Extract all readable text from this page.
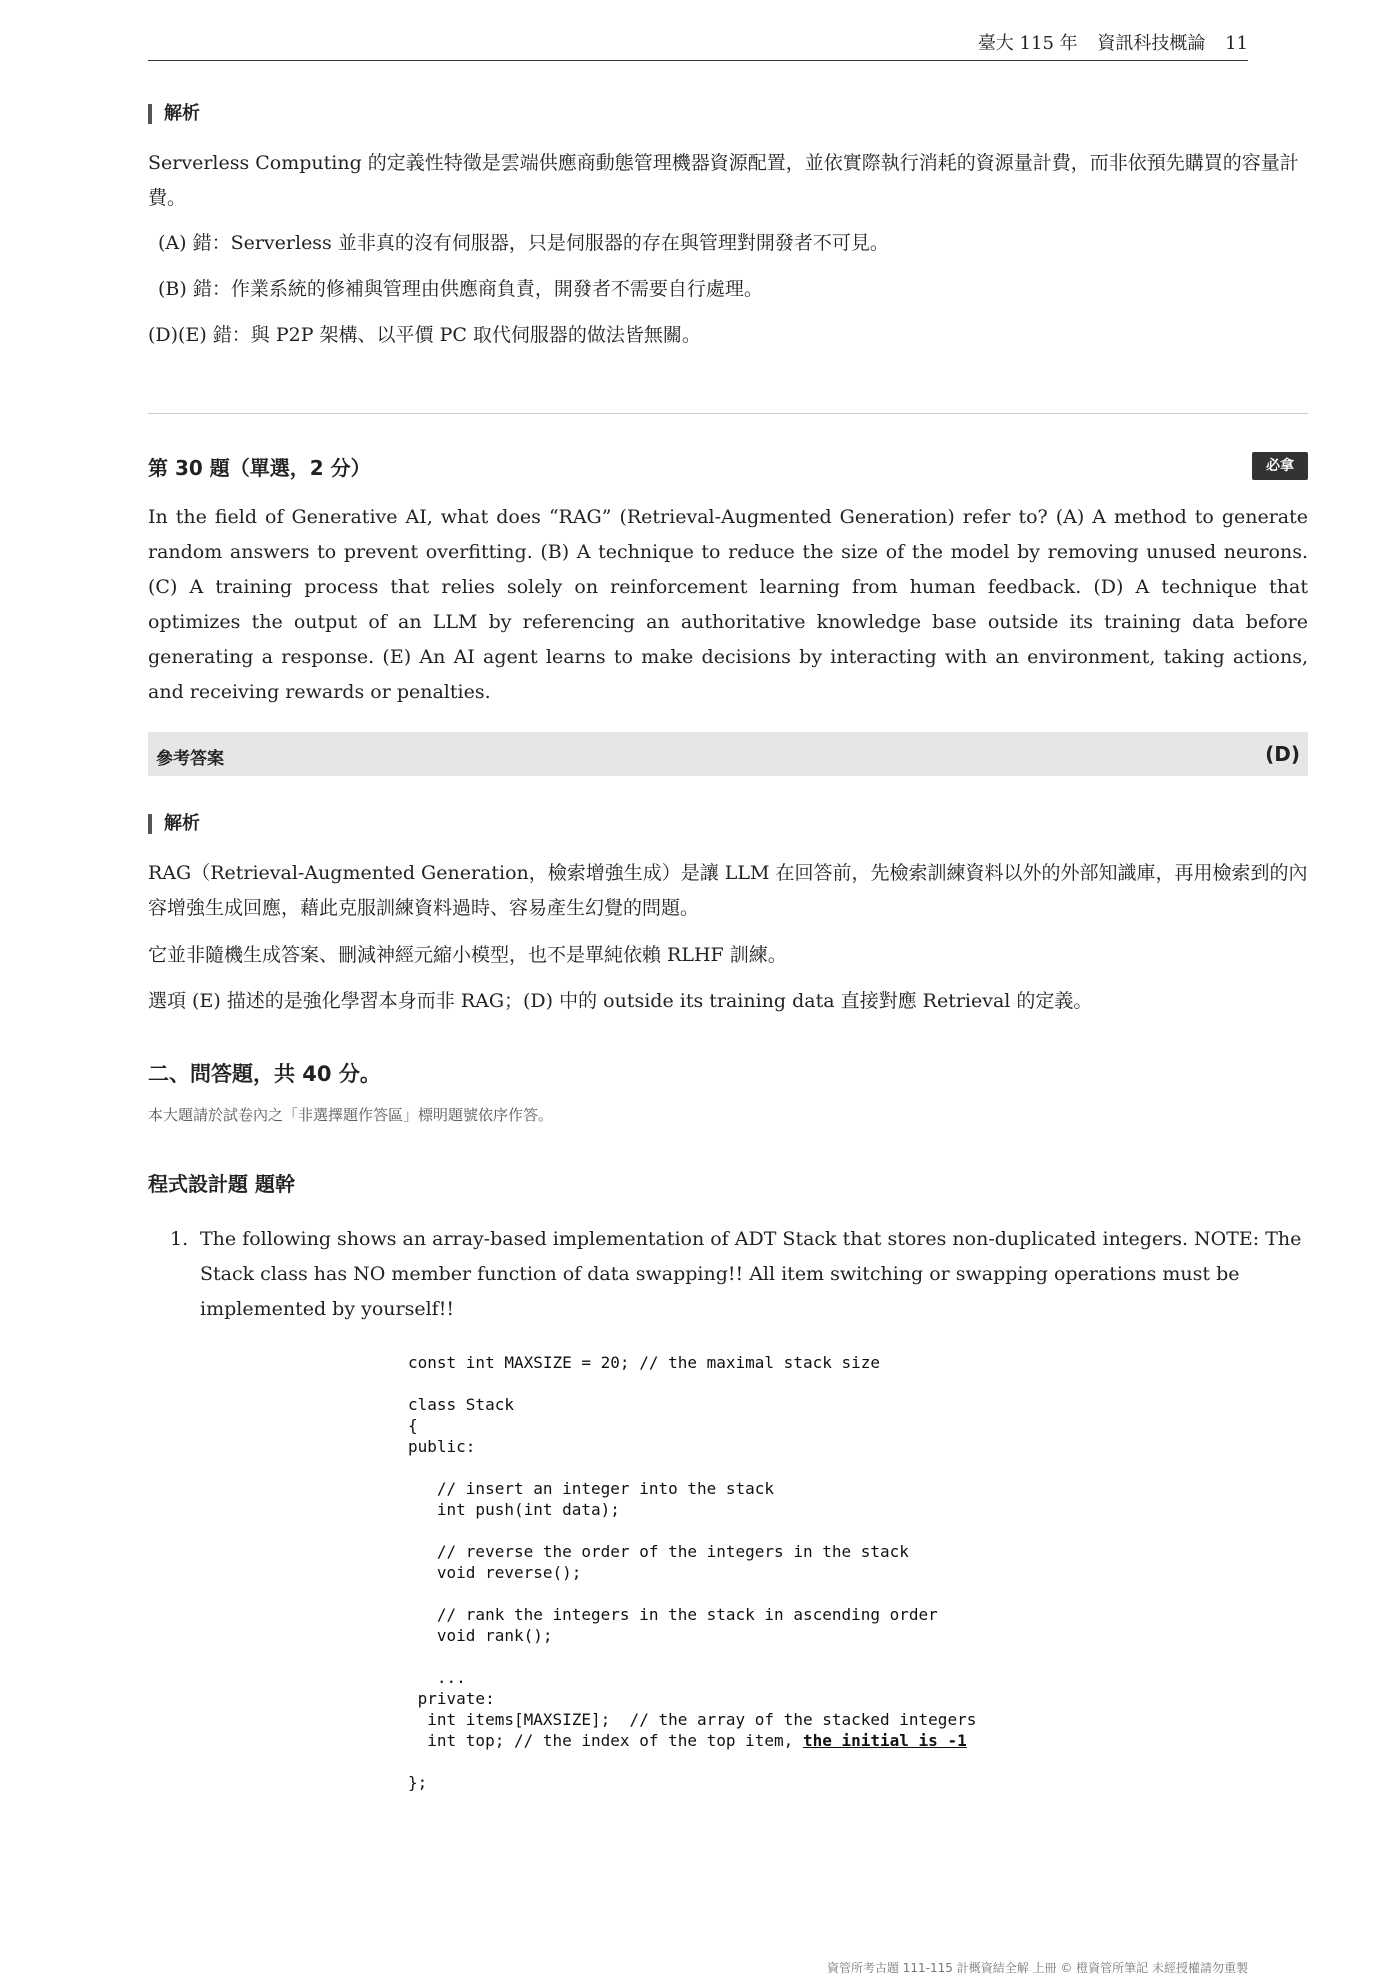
臺大 115 年 資訊科技概論 11
解析
Serverless Computing 的定義性特徵是雲端供應商動態管理機器資源配置，並依實際執行消耗的資源量計費，而非依預先購買的容量計費。
(A) 錯：Serverless 並非真的沒有伺服器，只是伺服器的存在與管理對開發者不可見。
(B) 錯：作業系統的修補與管理由供應商負責，開發者不需要自行處理。
(D)(E) 錯：與 P2P 架構、以平價 PC 取代伺服器的做法皆無關。
第 30 題（單選，2 分）	必拿
In the field of Generative AI, what does “RAG” (Retrieval-Augmented Generation) refer to? (A) A method to generate random answers to prevent overfitting. (B) A technique to reduce the size of the model by removing unused neurons. (C) A training process that relies solely on reinforcement learning from human feedback. (D) A technique that optimizes the output of an LLM by referencing an authoritative knowledge base outside its training data before generating a response. (E) An AI agent learns to make decisions by interacting with an environment, taking actions, and receiving rewards or penalties.
參考答案	(D)
解析
RAG（Retrieval-Augmented Generation，檢索增強生成）是讓 LLM 在回答前，先檢索訓練資料以外的外部知識庫，再用檢索到的內容增強生成回應，藉此克服訓練資料過時、容易產生幻覺的問題。
它並非隨機生成答案、刪減神經元縮小模型，也不是單純依賴 RLHF 訓練。
選項 (E) 描述的是強化學習本身而非 RAG；(D) 中的 outside its training data 直接對應 Retrieval 的定義。
二、問答題，共 40 分。
本大題請於試卷內之「非選擇題作答區」標明題號依序作答。
程式設計題 題幹
1. The following shows an array-based implementation of ADT Stack that stores non-duplicated integers. NOTE: The Stack class has NO member function of data swapping!! All item switching or swapping operations must be implemented by yourself!!
const int MAXSIZE = 20; // the maximal stack size

class Stack
{
public:

// insert an integer into the stack
int push(int data);

// reverse the order of the integers in the stack
void reverse();

// rank the integers in the stack in ascending order
void rank();

...
private:
int items[MAXSIZE];  // the array of the stacked integers
int top; // the index of the top item, the initial is -1

};
資管所考古題 111-115 計概資結全解 上冊 © 橙資管所筆記 未經授權請勿重製
